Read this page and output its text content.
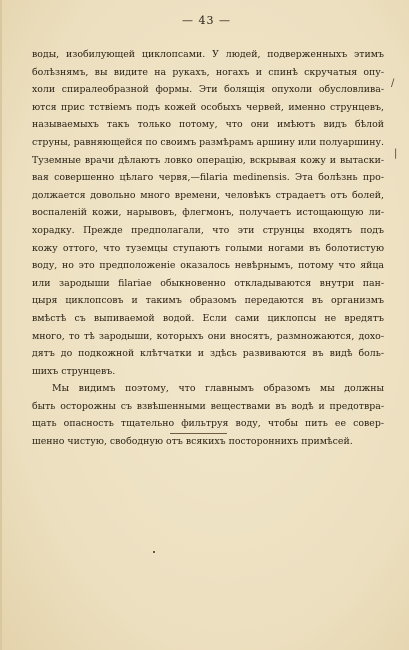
— 43 —
воды, изобилующей циклопсами. У людей, подверженныхъ этимъ
болѣзнямъ, вы видите на рукахъ, ногахъ и спинѣ скручатыя опу-
холи спиралеобразной формы. Эти болящія опухоли обусловлива-
ются прис тствіемъ подъ кожей особыхъ червей, именно струнцевъ,
называемыхъ такъ только потому, что они имѣютъ видъ бѣлой
струны, равняющейся по своимъ размѣрамъ аршину или полуаршину.
Туземные врачи дѣлаютъ ловко операцію, вскрывая кожу и вытаски-
вая совершенно цѣлаго червя,—filaria medinensis. Эта болѣзнь про-
должается довольно много времени, человѣкъ страдаетъ отъ болей,
воспаленій кожи, нарывовъ, флегмонъ, получаетъ истощающую ли-
хорадку. Прежде предполагали, что эти струнцы входятъ подъ
кожу оттого, что туземцы ступаютъ голыми ногами въ болотистую
воду, но это предположеніе оказалось невѣрнымъ, потому что яйца
или зародыши filariae обыкновенно откладываются внутри пан-
цыря циклопсовъ и такимъ образомъ передаются въ организмъ
вмѣстѣ съ выпиваемой водой. Если сами циклопсы не вредятъ
много, то тѣ зародыши, которыхъ они вносятъ, размножаются, дохо-
дятъ до подкожной клѣтчатки и здѣсь развиваются въ видѣ боль-
шихъ струнцевъ.
Мы видимъ поэтому, что главнымъ образомъ мы должны
быть осторожны съ взвѣшенными веществами въ водѣ и предотвра-
щать опасность тщательно фильтруя воду, чтобы пить ее совер-
шенно чистую, свободную отъ всякихъ постороннихъ примѣсей.
/
|
